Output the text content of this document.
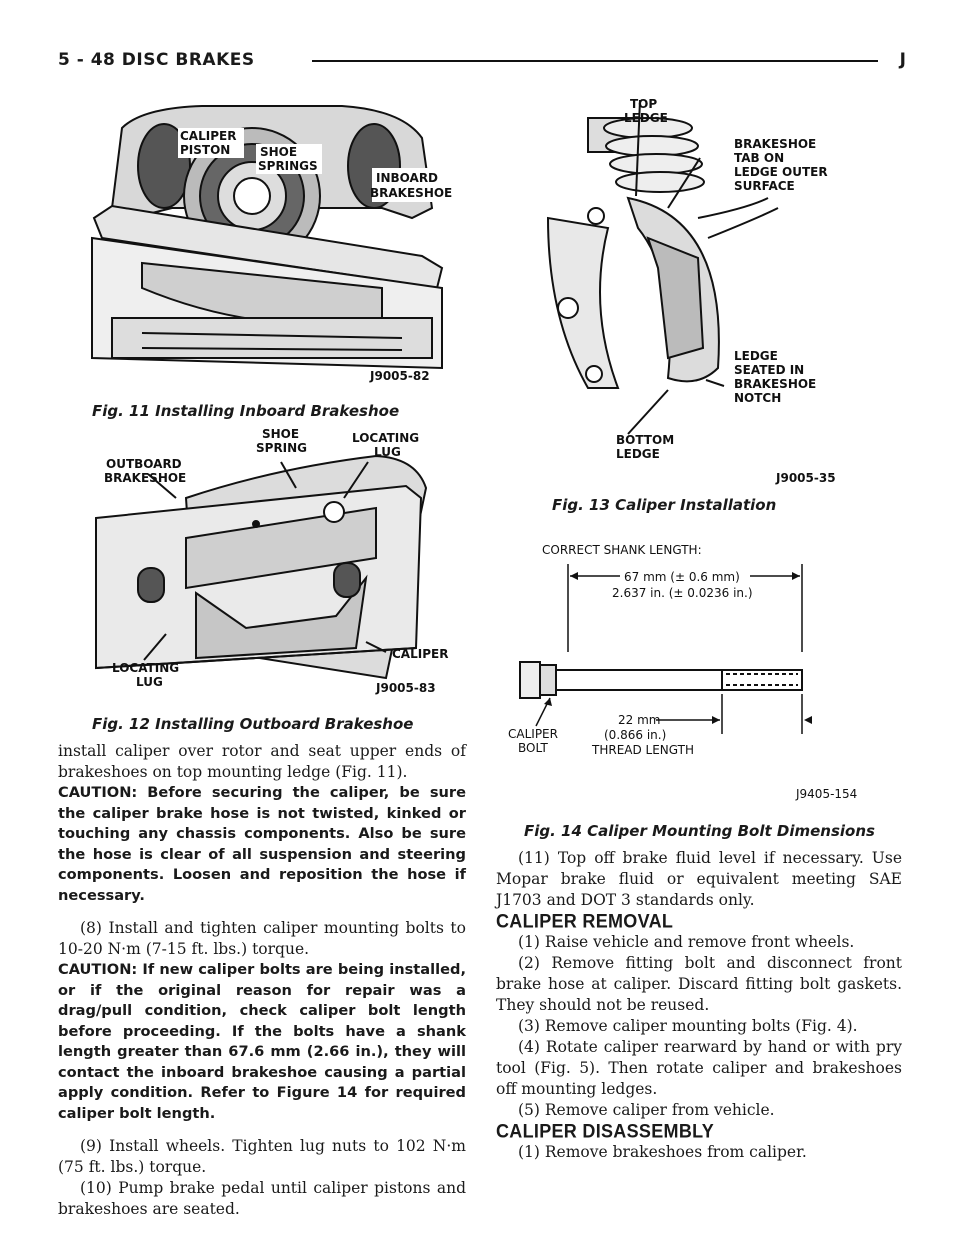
5 - 48 DISC BRAKES	J
CALIPER
PISTON SHOE
SPRINGS
INBOARD
BRAKESHOE
J9005-82
Fig. 11 Installing Inboard Brakeshoe
OUTBOARD
BRAKESHOE
SHOE
SPRING
LOCATING
LUG
LOCATING
LUG
CALIPER
J9005-83
Fig. 12 Installing Outboard Brakeshoe
TOP
LEDGE
BRAKESHOE
TAB ON
LEDGE OUTER
SURFACE
LEDGE
SEATED IN
BRAKESHOE
NOTCH
BOTTOM
LEDGE
J9005-35
Fig. 13 Caliper Installation
CORRECT SHANK LENGTH:
67 mm (± 0.6 mm)
2.637 in. (± 0.0236 in.)
CALIPER
BOLT
22 mm
(0.866 in.)
THREAD LENGTH
J9405-154
Fig. 14 Caliper Mounting Bolt Dimensions

install caliper over rotor and seat upper ends of brakeshoes on top mounting ledge (Fig. 11).

CAUTION: Before securing the caliper, be sure the caliper brake hose is not twisted, kinked or touching any chassis components. Also be sure the hose is clear of all suspension and steering components. Loosen and reposition the hose if necessary.

(8) Install and tighten caliper mounting bolts to 10-20 N·m (7-15 ft. lbs.) torque.

CAUTION: If new caliper bolts are being installed, or if the original reason for repair was a drag/pull condition, check caliper bolt length before proceeding. If the bolts have a shank length greater than 67.6 mm (2.66 in.), they will contact the inboard brakeshoe causing a partial apply condition. Refer to Figure 14 for required caliper bolt length.

(9) Install wheels. Tighten lug nuts to 102 N·m (75 ft. lbs.) torque.

(10) Pump brake pedal until caliper pistons and brakeshoes are seated.

(11) Top off brake fluid level if necessary. Use Mopar brake fluid or equivalent meeting SAE J1703 and DOT 3 standards only.

CALIPER REMOVAL

(1) Raise vehicle and remove front wheels.

(2) Remove fitting bolt and disconnect front brake hose at caliper. Discard fitting bolt gaskets. They should not be reused.

(3) Remove caliper mounting bolts (Fig. 4).

(4) Rotate caliper rearward by hand or with pry tool (Fig. 5). Then rotate caliper and brakeshoes off mounting ledges.

(5) Remove caliper from vehicle.

CALIPER DISASSEMBLY

(1) Remove brakeshoes from caliper.
